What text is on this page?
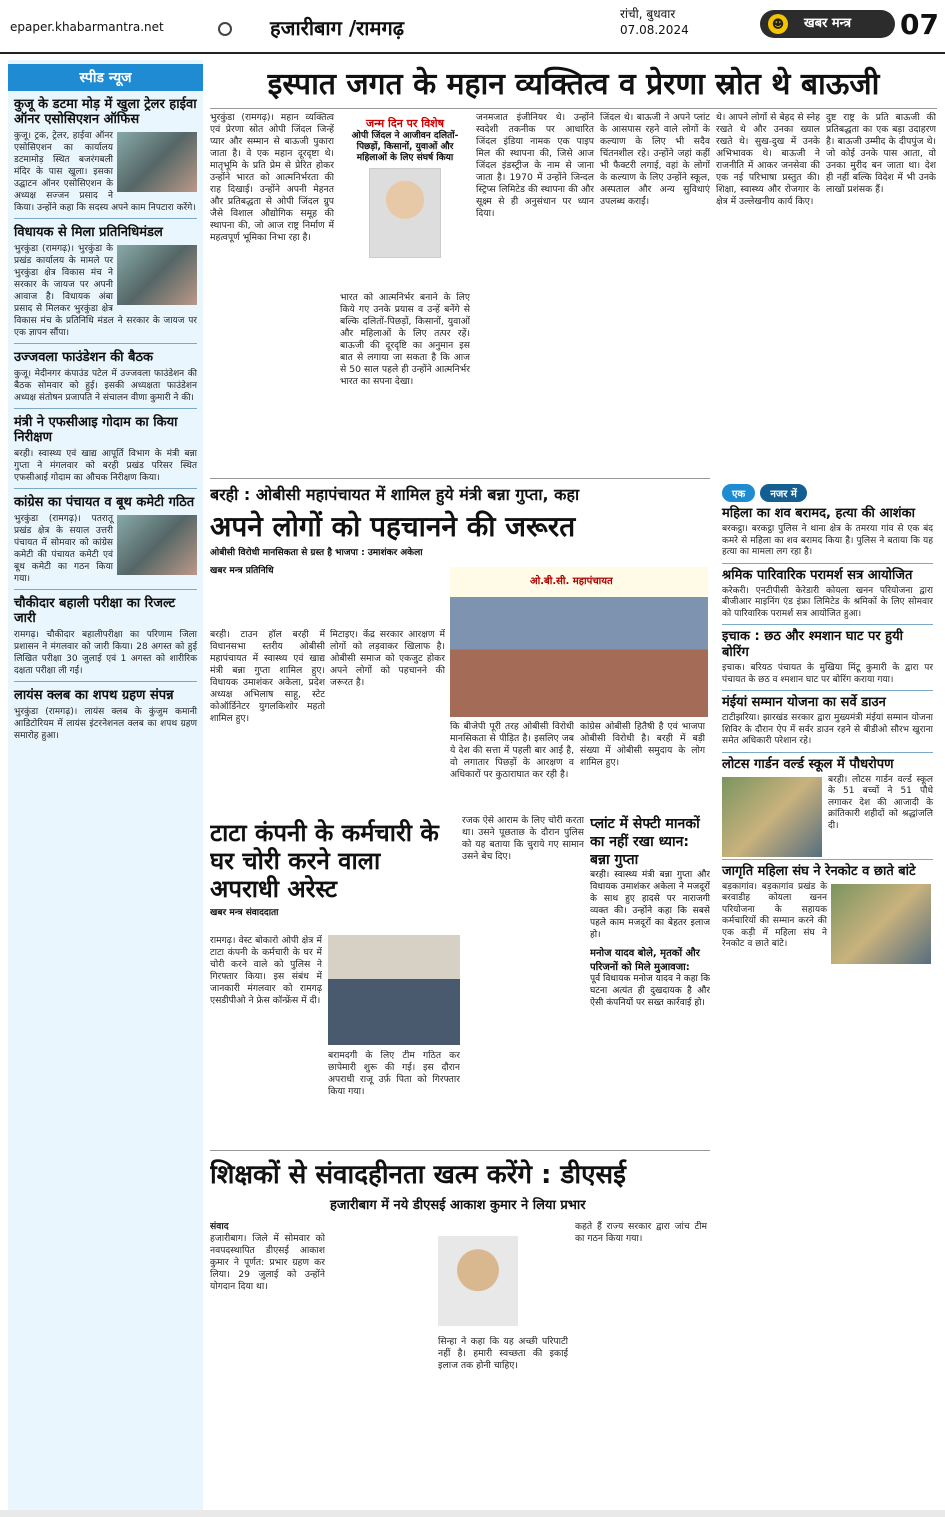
epaper.khabarmantra.net	हजारीबाग /रामगढ़
रांची, बुधवार
07.08.2024	खबर मन्त्र
☻	07
स्पीड न्यूज
कुजू के डटमा मोड़ में खुला ट्रेलर हाईवा ऑनर एसोसिएशन ऑफिस
कुजू। ट्रक, ट्रेलर, हाईवा ऑनर एसोसिएशन का कार्यालय डटमामोड़ स्थित बजरंगबली मंदिर के पास खुला। इसका उद्घाटन ऑनर एसोसिएशन के अध्यक्ष सज्जन प्रसाद ने किया। उन्होंने कहा कि सदस्य अपने काम निपटारा करेंगे।
विधायक से मिला प्रतिनिधिमंडल
भुरकुंडा (रामगढ़)। भुरकुंडा के प्रखंड कार्यालय के मामले पर भुरकुंडा क्षेत्र विकास मंच ने सरकार के जायज पर अपनी आवाज है। विधायक अंबा प्रसाद से मिलकर भुरकुंडा क्षेत्र विकास मंच के प्रतिनिधि मंडल ने सरकार के जायज पर एक ज्ञापन सौंपा।
उज्जवला फाउंडेशन की बैठक
कुजू। मेदीनगर कंपाउंड पटेल में उज्जवला फाउंडेशन की बैठक सोमवार को हुई। इसकी अध्यक्षता फाउंडेशन अध्यक्ष संतोषन प्रजापति ने संचालन वीणा कुमारी ने की।
मंत्री ने एफसीआइ गोदाम का किया निरीक्षण
बरही। स्वास्थ्य एवं खाद्य आपूर्ति विभाग के मंत्री बन्ना गुप्ता ने मंगलवार को बरही प्रखंड परिसर स्थित एफसीआई गोदाम का औचक निरीक्षण किया।
कांग्रेस का पंचायत व बूथ कमेटी गठित
भुरकुंडा (रामगढ़)। पतरातू प्रखंड क्षेत्र के सयाल उत्तरी पंचायत में सोमवार को कांग्रेस कमेटी की पंचायत कमेटी एवं बूथ कमेटी का गठन किया गया।
चौकीदार बहाली परीक्षा का रिजल्ट जारी
रामगढ़। चौकीदार बहालीपरीक्षा का परिणाम जिला प्रशासन ने मंगलवार को जारी किया। 28 अगस्त को हुई लिखित परीक्षा 30 जुलाई एवं 1 अगस्त को शारीरिक दक्षता परीक्षा ली गई।
लायंस क्लब का शपथ ग्रहण संपन्न
भुरकुंडा (रामगढ़)। लायंस क्लब के कुंजुम कमानी आडिटोरियम में लायंस इंटरनेशनल क्लब का शपथ ग्रहण समारोह हुआ।
इस्पात जगत के महान व्यक्तित्व व प्रेरणा स्रोत थे बाऊजी
भुरकुंडा (रामगढ़)। महान व्यक्तित्व एवं प्रेरणा स्रोत ओपी जिंदल जिन्हें प्यार और सम्मान से बाऊजी पुकारा जाता है। वे एक महान दूरदृष्टा थे। मातृभूमि के प्रति प्रेम से प्रेरित होकर उन्होंने भारत को आत्मनिर्भरता की राह दिखाई। उन्होंने अपनी मेहनत और प्रतिबद्धता से ओपी जिंदल ग्रुप जैसे विशाल औद्योगिक समूह की स्थापना की, जो आज राष्ट्र निर्माण में महत्वपूर्ण भूमिका निभा रहा है।
जन्म दिन पर विशेष
ओपी जिंदल ने आजीवन दलितों-पिछड़ों, किसानों, युवाओं और महिलाओं के लिए संघर्ष किया
भारत को आत्मनिर्भर बनाने के लिए किये गए उनके प्रयास व उन्हें बनेंगे से बल्कि दलितों-पिछड़ों, किसानों, युवाओं और महिलाओं के लिए तत्पर रहें। बाऊजी की दूरदृष्टि का अनुमान इस बात से लगाया जा सकता है कि आज से 50 साल पहले ही उन्होंने आत्मनिर्भर भारत का सपना देखा।
जनमजात इंजीनियर थे। उन्होंने स्वदेशी तकनीक पर आधारित जिंदल इंडिया नामक एक पाइप मिल की स्थापना की, जिसे आज जिंदल इंडस्ट्रीज के नाम से जाना जाता है। 1970 में उन्होंने जिन्दल स्ट्रिप्स लिमिटेड की स्थापना की और सूक्ष्म से ही अनुसंधान पर ध्यान दिया।
जिंदल थे। बाऊजी ने अपने प्लांट के आसपास रहने वाले लोगों के कल्याण के लिए भी सदैव चिंतनशील रहे। उन्होंने जहां कहीं भी फैक्टरी लगाई, वहां के लोगों के कल्याण के लिए उन्होंने स्कूल, अस्पताल और अन्य सुविधाएं उपलब्ध कराईं।
थे। आपने लोगों से बेहद से स्नेह रखते थे और उनका ख्याल रखते थे। सुख-दुख में उनके अभिभावक थे। बाऊजी ने राजनीति में आकर जनसेवा की एक नई परिभाषा प्रस्तुत की। शिक्षा, स्वास्थ्य और रोजगार के क्षेत्र में उल्लेखनीय कार्य किए।
दुष्ट राष्ट्र के प्रति बाऊजी की प्रतिबद्धता का एक बड़ा उदाहरण है। बाऊजी उम्मीद के दीपपुंज थे। जो कोई उनके पास आता, वो उनका मुरीद बन जाता था। देश ही नहीं बल्कि विदेश में भी उनके लाखों प्रशंसक हैं।
बरही : ओबीसी महापंचायत में शामिल हुये मंत्री बन्ना गुप्ता, कहा
अपने लोगों को पहचानने की जरूरत
ओबीसी विरोधी मानसिकता से ग्रस्त है भाजपा : उमाशंकर अकेला
खबर मन्त्र प्रतिनिधि
बरही। टाउन हॉल बरही में विधानसभा स्तरीय ओबीसी महापंचायत में स्वास्थ्य एवं खाद्य मंत्री बन्ना गुप्ता शामिल हुए। विधायक उमाशंकर अकेला, प्रदेश अध्यक्ष अभिलाष साहू, स्टेट कोऑर्डिनेटर युगलकिशोर महतो शामिल हुए।
ओ.बी.सी. महापंचायत
मिटाइए। केंद्र सरकार आरक्षण में लोगों को लड़वाकर खिलाफ है। ओबीसी समाज को एकजुट होकर अपने लोगों को पहचानने की जरूरत है।
कि बीजेपी पूरी तरह ओबीसी विरोधी मानसिकता से पीड़ित है। इसलिए जब ये देश की सत्ता में पहली बार आई है, वो लगातार पिछड़ों के आरक्षण व अधिकारों पर कुठाराघात कर रही है।
कांग्रेस ओबीसी हितैषी है एवं भाजपा ओबीसी विरोधी है। बरही में बड़ी संख्या में ओबीसी समुदाय के लोग शामिल हुए।
टाटा कंपनी के कर्मचारी के घर चोरी करने वाला अपराधी अरेस्ट
खबर मन्त्र संवाददाता
रामगढ़। वेस्ट बोकारो ओपी क्षेत्र में टाटा कंपनी के कर्मचारी के घर में चोरी करने वाले को पुलिस ने गिरफ्तार किया। इस संबंध में जानकारी मंगलवार को रामगढ़ एसडीपीओ ने फ्रेस कॉन्फ्रेंस में दी।
बरामदगी के लिए टीम गठित कर छापेमारी शुरू की गई। इस दौरान अपराधी राजू उर्फ़ पिता को गिरफ्तार किया गया।
रजक ऐसे आराम के लिए चोरी करता था। उसने पूछताछ के दौरान पुलिस को यह बताया कि चुराये गए सामान उसने बेच दिए।
प्लांट में सेफ्टी मानकों का नहीं रखा ध्यान: बन्ना गुप्ता
बरही। स्वास्थ्य मंत्री बन्ना गुप्ता और विधायक उमाशंकर अकेला ने मजदूरों के साथ हुए हादसे पर नाराजगी व्यक्त की। उन्होंने कहा कि सबसे पहले काम मजदूरों का बेहतर इलाज हो।
मनोज यादव बोले, मृतकों और परिजनों को मिले मुआवजा:
पूर्व विधायक मनोज यादव ने कहा कि घटना अत्यंत ही दुखदायक है और ऐसी कंपनियों पर सख्त कार्रवाई हो।
एक	नजर में
महिला का शव बरामद, हत्या की आशंका
बरकट्ठा। बरकट्ठा पुलिस ने थाना क्षेत्र के तमरया गांव से एक बंद कमरे से महिला का शव बरामद किया है। पुलिस ने बताया कि यह हत्या का मामला लग रहा है।
श्रमिक पारिवारिक परामर्श सत्र आयोजित
करेकरी। एनटीपीसी केरेडारी कोयला खनन परियोजना द्वारा बीजीआर माइनिंग एंड इंफ्रा लिमिटेड के श्रमिकों के लिए सोमवार को पारिवारिक परामर्श सत्र आयोजित हुआ।
इचाक : छठ और श्मशान घाट पर हुयी बोरिंग
इचाक। बरियठ पंचायत के मुखिया मिंटू कुमारी के द्वारा पर पंचायत के छठ व श्मशान घाट पर बोरिंग कराया गया।
मंईयां सम्मान योजना का सर्वे डाउन
टाटीझरिया। झारखंड सरकार द्वारा मुख्यमंत्री मंईयां सम्मान योजना शिविर के दौरान ऐप में सर्वर डाउन रहने से बीडीओ सौरभ खुराना समेत अधिकारी परेशान रहे।
लोटस गार्डन वर्ल्ड स्कूल में पौधरोपण
बरही। लोटस गार्डन वर्ल्ड स्कूल के 51 बच्चों ने 51 पौधे लगाकर देश की आजादी के क्रांतिकारी शहीदों को श्रद्धांजलि दी।
जागृति महिला संघ ने रेनकोट व छाते बांटे
बड़कागांव। बड़कागांव प्रखंड के बरवाडीह कोयला खनन परियोजना के सहायक कर्मचारियों की सम्मान करने की एक कड़ी में महिला संघ ने रेनकोट व छाते बांटे।
शिक्षकों से संवादहीनता खत्म करेंगे : डीएसई
हजारीबाग में नये डीएसई आकाश कुमार ने लिया प्रभार
संवाद
हजारीबाग। जिले में सोमवार को नवपदस्थापित डीएसई आकाश कुमार ने पूर्णत: प्रभार ग्रहण कर लिया। 29 जुलाई को उन्होंने योगदान दिया था।
सिन्हा ने कहा कि यह अच्छी परिपाटी नहीं है। हमारी स्वच्छता की इकाई इलाज तक होनी चाहिए।
कहते हैं राज्य सरकार द्वारा जांच टीम का गठन किया गया।
